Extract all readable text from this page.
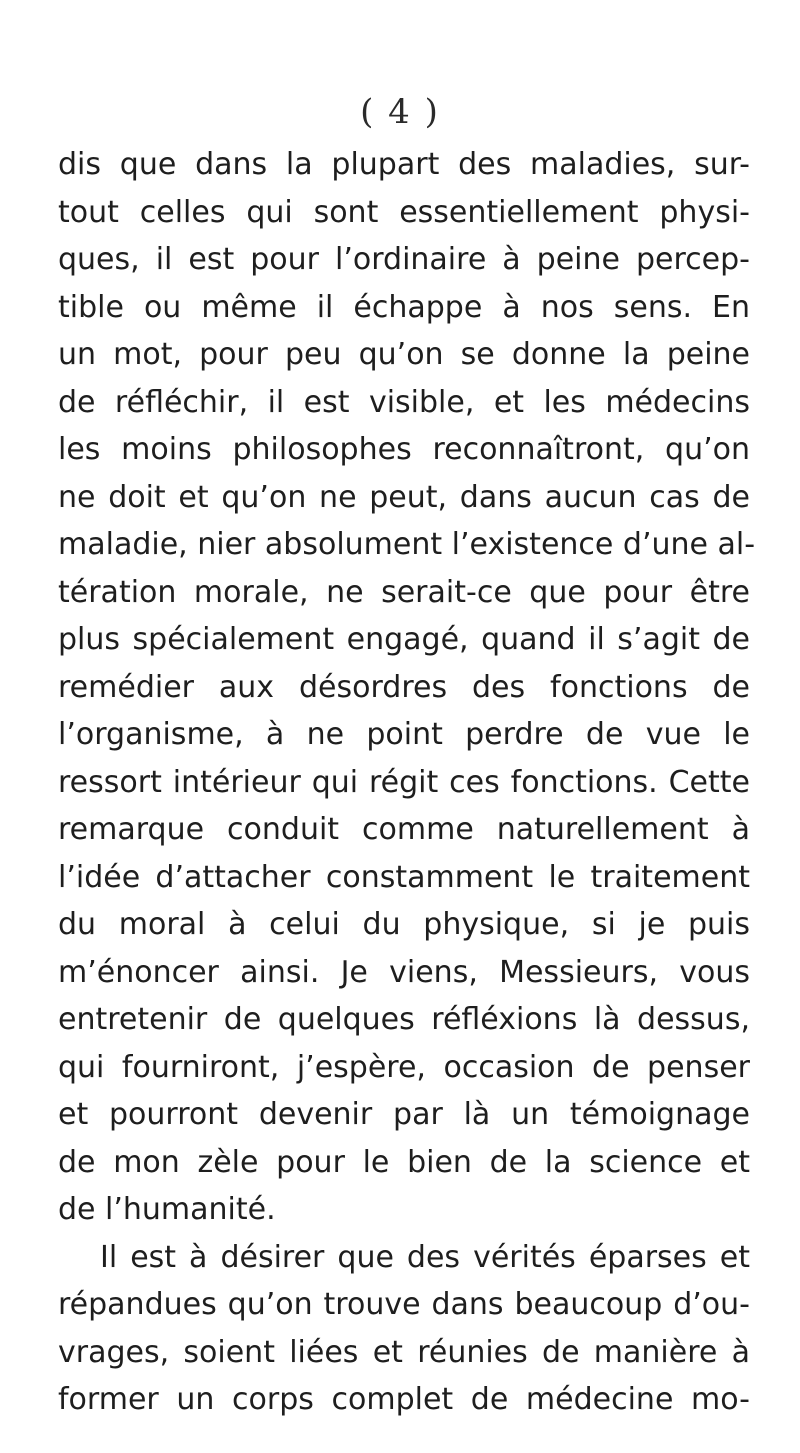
( 4 )
dis que dans la plupart des maladies, sur-
tout celles qui sont essentiellement physi-
ques, il est pour l’ordinaire à peine percep-
tible ou même il échappe à nos sens. En
un mot, pour peu qu’on se donne la peine
de réfléchir, il est visible, et les médecins
les moins philosophes reconnaîtront, qu’on
ne doit et qu’on ne peut, dans aucun cas de
maladie, nier absolument l’existence d’une al-
tération morale, ne serait-ce que pour être
plus spécialement engagé, quand il s’agit de
remédier aux désordres des fonctions de
l’organisme, à ne point perdre de vue le
ressort intérieur qui régit ces fonctions. Cette
remarque conduit comme naturellement à
l’idée d’attacher constamment le traitement
du moral à celui du physique, si je puis
m’énoncer ainsi. Je viens, Messieurs, vous
entretenir de quelques réfléxions là dessus,
qui fourniront, j’espère, occasion de penser
et pourront devenir par là un témoignage
de mon zèle pour le bien de la science et
de l’humanité.
Il est à désirer que des vérités éparses et
répandues qu’on trouve dans beaucoup d’ou-
vrages, soient liées et réunies de manière à
former un corps complet de médecine mo-
